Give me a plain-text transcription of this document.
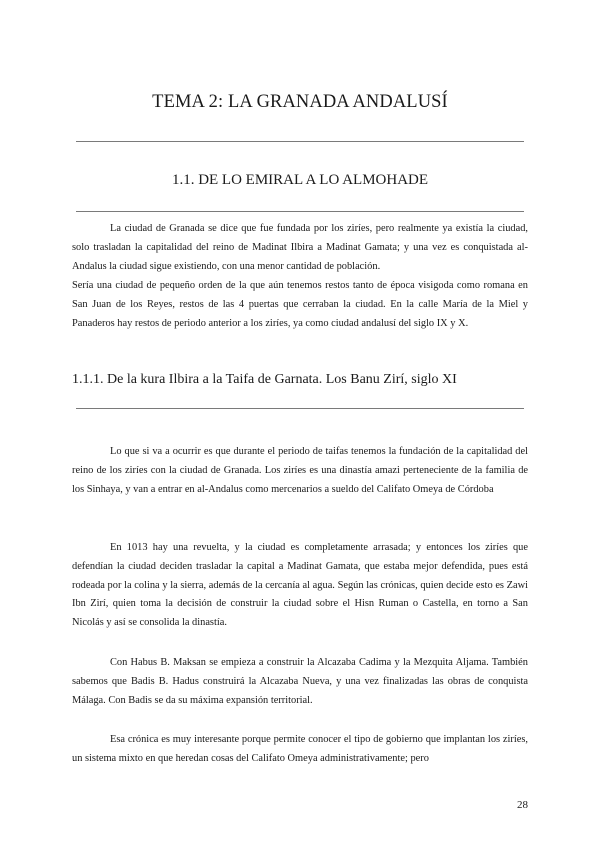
TEMA 2: LA GRANADA ANDALUSÍ
1.1. DE LO EMIRAL A LO ALMOHADE

La ciudad de Granada se dice que fue fundada por los ziríes, pero realmente ya existía la ciudad, solo trasladan la capitalidad del reino de Madinat Ilbira a Madinat Gamata; y una vez es conquistada al-Andalus la ciudad sigue existiendo, con una menor cantidad de población.

Sería una ciudad de pequeño orden de la que aún tenemos restos tanto de época visigoda como romana en San Juan de los Reyes, restos de las 4 puertas que cerraban la ciudad. En la calle María de la Miel y Panaderos hay restos de periodo anterior a los ziríes, ya como ciudad andalusí del siglo IX y X.

1.1.1. De la kura Ilbira a la Taifa de Garnata. Los Banu Zirí, siglo XI

Lo que si va a ocurrir es que durante el periodo de taifas tenemos la fundación de la capitalidad del reino de los ziríes con la ciudad de Granada. Los ziríes es una dinastía amazi perteneciente de la familia de los Sinhaya, y van a entrar en al-Andalus como mercenarios a sueldo del Califato Omeya de Córdoba

En 1013 hay una revuelta, y la ciudad es completamente arrasada; y entonces los ziríes que defendían la ciudad deciden trasladar la capital a Madinat Gamata, que estaba mejor defendida, pues está rodeada por la colina y la sierra, además de la cercanía al agua. Según las crónicas, quien decide esto es Zawi Ibn Zirí, quien toma la decisión de construir la ciudad sobre el Hisn Ruman o Castella, en torno a San Nicolás y así se consolida la dinastía.

Con Habus B. Maksan se empieza a construir la Alcazaba Cadima y la Mezquita Aljama. También sabemos que Badis B. Hadus construirá la Alcazaba Nueva, y una vez finalizadas las obras de conquista Málaga. Con Badis se da su máxima expansión territorial.

Esa crónica es muy interesante porque permite conocer el tipo de gobierno que implantan los ziríes, un sistema mixto en que heredan cosas del Califato Omeya administrativamente; pero

28
